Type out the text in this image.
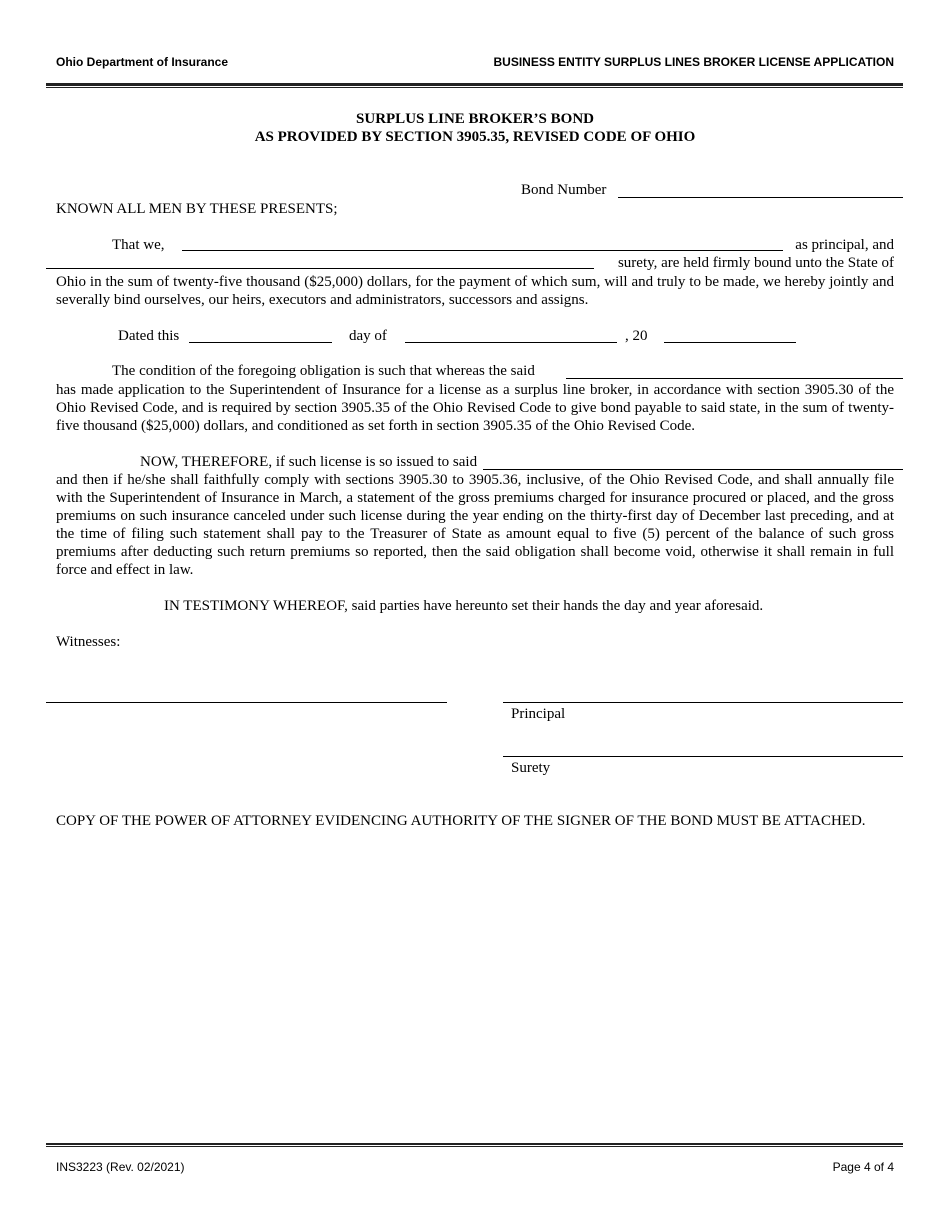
Ohio Department of Insurance	BUSINESS ENTITY SURPLUS LINES BROKER LICENSE APPLICATION
SURPLUS LINE BROKER’S BOND
AS PROVIDED BY SECTION 3905.35, REVISED CODE OF OHIO
Bond Number
KNOWN ALL MEN BY THESE PRESENTS;
That we,	as principal, and
surety, are held firmly bound unto the State of
Ohio in the sum of twenty-five thousand ($25,000) dollars, for the payment of which sum, will and truly to be made, we hereby jointly and severally bind ourselves, our heirs, executors and administrators, successors and assigns.
Dated this	day of	, 20
The condition of the foregoing obligation is such that whereas the said
has made application to the Superintendent of Insurance for a license as a surplus line broker, in accordance with section 3905.30 of the Ohio Revised Code, and is required by section 3905.35 of the Ohio Revised Code to give bond payable to said state, in the sum of twenty-five thousand ($25,000) dollars, and conditioned as set forth in section 3905.35 of the Ohio Revised Code.
NOW, THEREFORE, if such license is so issued to said
and then if he/she shall faithfully comply with sections 3905.30 to 3905.36, inclusive, of the Ohio Revised Code, and shall annually file with the Superintendent of Insurance in March, a statement of the gross premiums charged for insurance procured or placed, and the gross premiums on such insurance canceled under such license during the year ending on the thirty-first day of December last preceding, and at the time of filing such statement shall pay to the Treasurer of State as amount equal to five (5) percent of the balance of such gross premiums after deducting such return premiums so reported, then the said obligation shall become void, otherwise it shall remain in full force and effect in law.
IN TESTIMONY WHEREOF, said parties have hereunto set their hands the day and year aforesaid.
Witnesses:
Principal
Surety
COPY OF THE POWER OF ATTORNEY EVIDENCING AUTHORITY OF THE SIGNER OF THE BOND MUST BE ATTACHED.
INS3223 (Rev. 02/2021)	Page 4 of 4
